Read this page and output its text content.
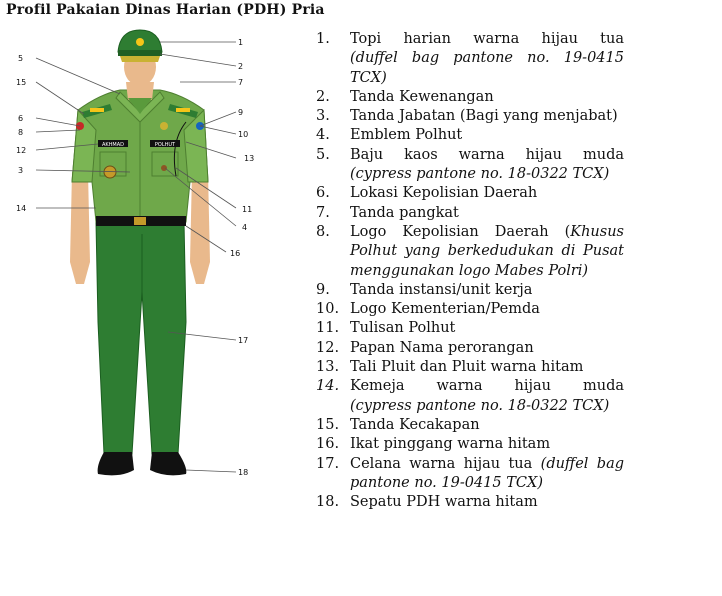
Profil Pakaian Dinas Harian (PDH) Pria
AKHMAD	POLHUT
1
2
3
4
5
6
7
8
9
10
11
12
13
14
15
16
17
18
1.	Topi harian warna hijau tua
(duffel bag pantone no. 19-0415 TCX)
2.	Tanda Kewenangan
3.	Tanda Jabatan (Bagi yang menjabat)
4.	Emblem Polhut
5.	Baju kaos warna hijau muda
(cypress pantone no. 18-0322 TCX)
6.	Lokasi Kepolisian Daerah
7.	Tanda pangkat
8.	Logo Kepolisian Daerah (Khusus Polhut yang berkedudukan di Pusat menggunakan logo Mabes Polri)
9.	Tanda instansi/unit kerja
10. Logo Kementerian/Pemda
11. Tulisan Polhut
12. Papan Nama perorangan
13. Tali Pluit dan Pluit warna hitam
14. Kemeja warna hijau muda
(cypress pantone no. 18-0322 TCX)
15. Tanda Kecakapan
16. Ikat pinggang warna hitam
17. Celana warna hijau tua (duffel bag pantone no. 19-0415 TCX)
18. Sepatu PDH warna hitam
